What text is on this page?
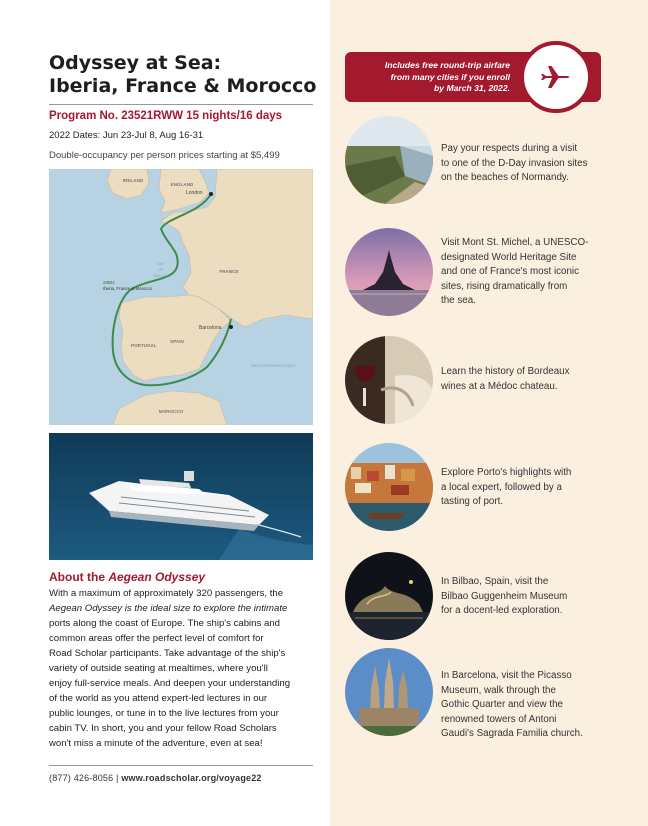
Odyssey at Sea:
Iberia, France & Morocco
Program No. 23521RWW 15 nights/16 days
2022 Dates: Jun 23-Jul 8, Aug 16-31
Double-occupancy per person prices starting at $5,499
IRELAND
ENGLAND
London
BAY
OF
BISCAY
FRANCE
23521
Iberia, France & Morocco
Barcelona
PORTUGAL
SPAIN
MEDITERRANEAN SEA
MOROCCO
About the Aegean Odyssey
With a maximum of approximately 320 passengers, the
Aegean Odyssey is the ideal size to explore the intimate
ports along the coast of Europe. The ship's cabins and
common areas offer the perfect level of comfort for
Road Scholar participants. Take advantage of the ship's
variety of outside seating at mealtimes, where you'll
enjoy full-service meals. And deepen your understanding
of the world as you attend expert-led lectures in our
public lounges, or tune in to the live lectures from your
cabin TV. In short, you and your fellow Road Scholars
won't miss a minute of the adventure, even at sea!
(877) 426-8056 | www.roadscholar.org/voyage22
Includes free round-trip airfare
from many cities if you enroll
by March 31, 2022.
Pay your respects during a visit
to one of the D-Day invasion sites
on the beaches of Normandy.
Visit Mont St. Michel, a UNESCO-
designated World Heritage Site
and one of France's most iconic
sites, rising dramatically from
the sea.
Learn the history of Bordeaux
wines at a Médoc chateau.
Explore Porto's highlights with
a local expert, followed by a
tasting of port.
In Bilbao, Spain, visit the
Bilbao Guggenheim Museum
for a docent-led exploration.
In Barcelona, visit the Picasso
Museum, walk through the
Gothic Quarter and view the
renowned towers of Antoni
Gaudi's Sagrada Familia church.
